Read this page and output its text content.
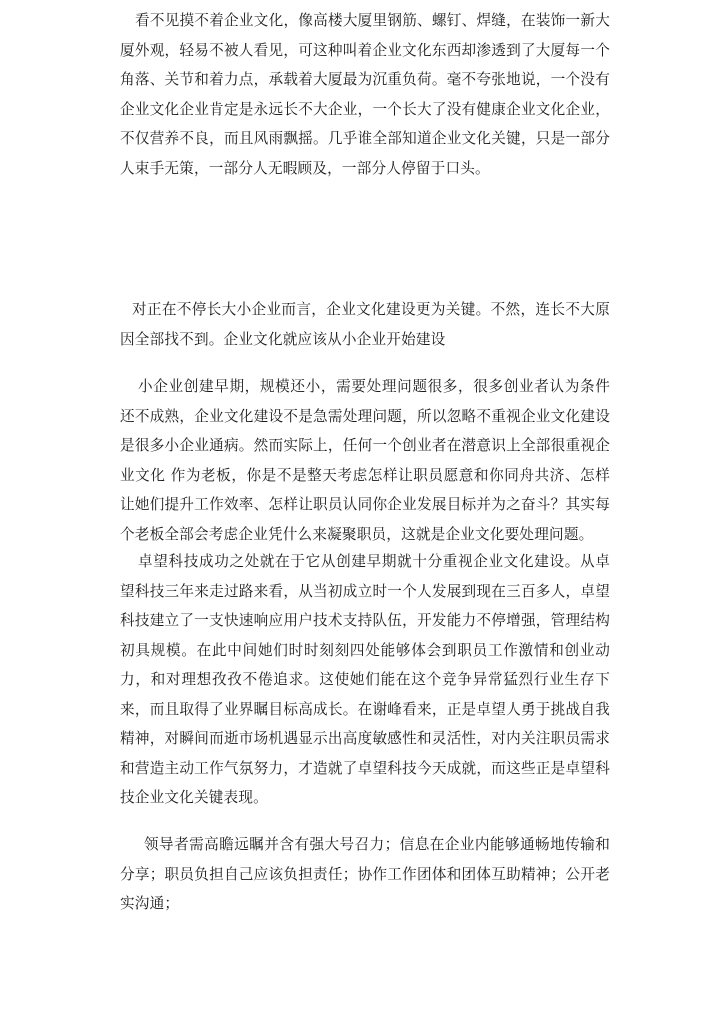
看不见摸不着企业文化，像高楼大厦里钢筋、螺钉、焊缝，在装饰一新大厦外观，轻易不被人看见，可这种叫着企业文化东西却渗透到了大厦每一个角落、关节和着力点，承载着大厦最为沉重负荷。毫不夸张地说，一个没有企业文化企业肯定是永远长不大企业，一个长大了没有健康企业文化企业，不仅营养不良，而且风雨飘摇。几乎谁全部知道企业文化关键，只是一部分人束手无策，一部分人无暇顾及，一部分人停留于口头。

对正在不停长大小企业而言，企业文化建设更为关键。不然，连长不大原因全部找不到。企业文化就应该从小企业开始建设

小企业创建早期，规模还小，需要处理问题很多，很多创业者认为条件还不成熟，企业文化建设不是急需处理问题，所以忽略不重视企业文化建设是很多小企业通病。然而实际上，任何一个创业者在潜意识上全部很重视企业文化 作为老板，你是不是整天考虑怎样让职员愿意和你同舟共济、怎样让她们提升工作效率、怎样让职员认同你企业发展目标并为之奋斗？其实每个老板全部会考虑企业凭什么来凝聚职员，这就是企业文化要处理问题。

卓望科技成功之处就在于它从创建早期就十分重视企业文化建设。从卓望科技三年来走过路来看，从当初成立时一个人发展到现在三百多人，卓望科技建立了一支快速响应用户技术支持队伍，开发能力不停增强，管理结构初具规模。在此中间她们时时刻刻四处能够体会到职员工作激情和创业动力，和对理想孜孜不倦追求。这使她们能在这个竞争异常猛烈行业生存下来，而且取得了业界瞩目标高成长。在谢峰看来，正是卓望人勇于挑战自我精神，对瞬间而逝市场机遇显示出高度敏感性和灵活性，对内关注职员需求和营造主动工作气氛努力，才造就了卓望科技今天成就，而这些正是卓望科技企业文化关键表现。

领导者需高瞻远瞩并含有强大号召力；信息在企业内能够通畅地传输和分享；职员负担自己应该负担责任；协作工作团体和团体互助精神；公开老实沟通；
